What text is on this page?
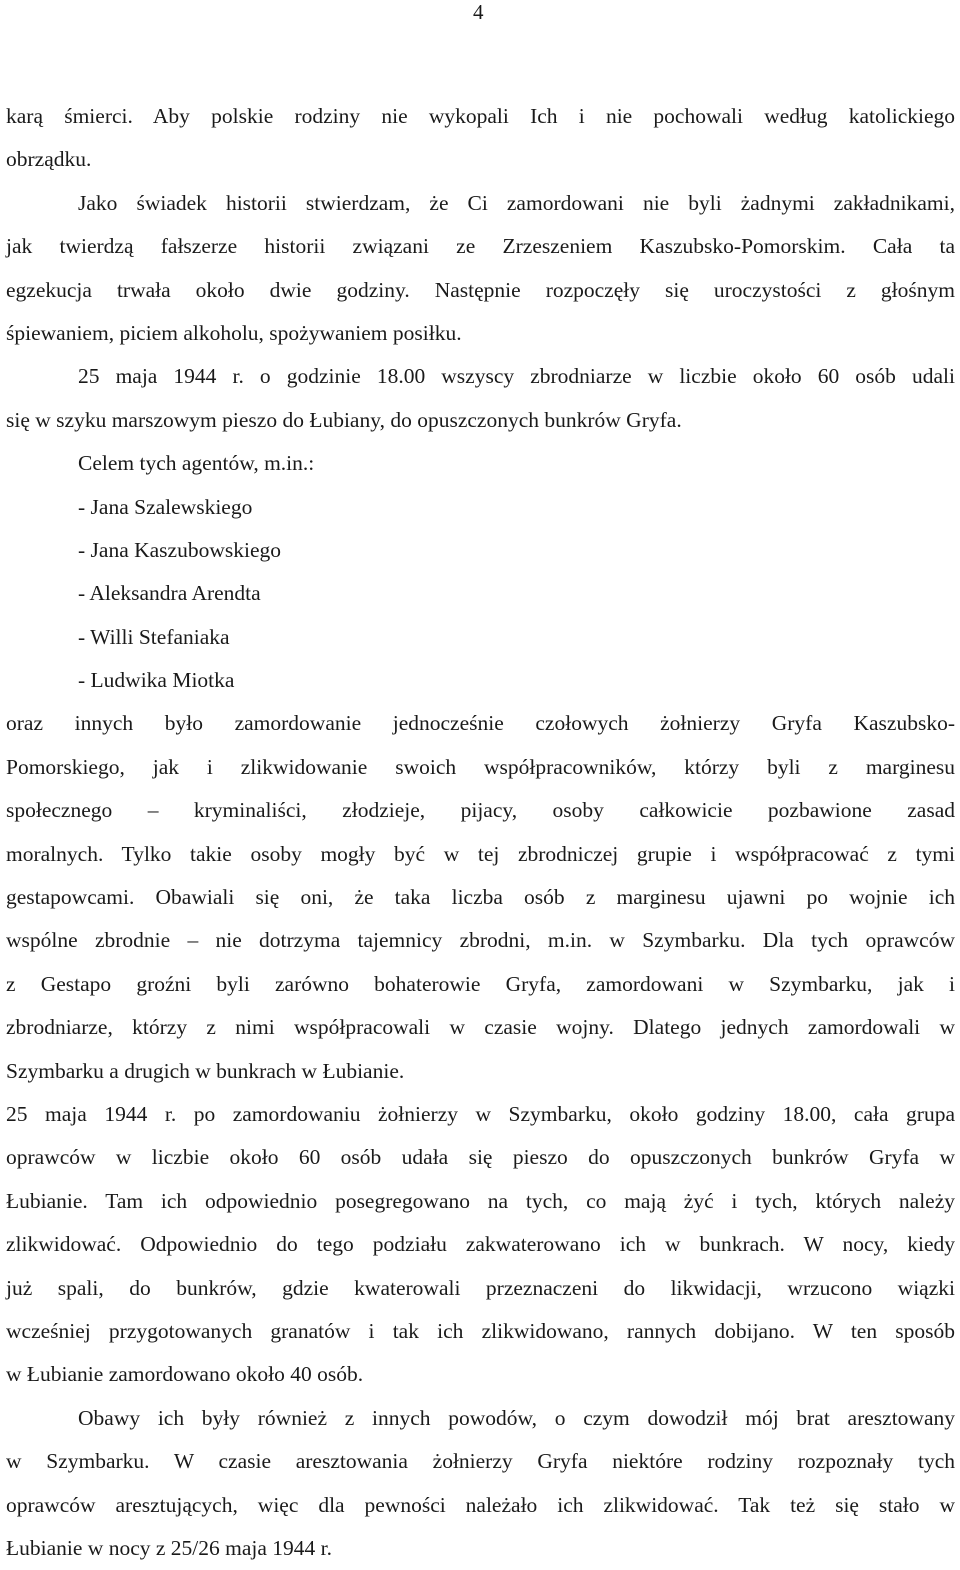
4
karą śmierci. Aby polskie rodziny nie wykopali Ich i nie pochowali według katolickiego
obrządku.
Jako świadek historii stwierdzam, że Ci zamordowani nie byli żadnymi zakładnikami,
jak twierdzą fałszerze historii związani ze Zrzeszeniem Kaszubsko-Pomorskim. Cała ta
egzekucja trwała około dwie godziny. Następnie rozpoczęły się uroczystości z głośnym
śpiewaniem, piciem alkoholu, spożywaniem posiłku.
25 maja 1944 r. o godzinie 18.00 wszyscy zbrodniarze w liczbie około 60 osób udali
się w szyku marszowym pieszo do Łubiany, do opuszczonych bunkrów Gryfa.
Celem tych agentów, m.in.:
- Jana Szalewskiego
- Jana Kaszubowskiego
- Aleksandra Arendta
- Willi Stefaniaka
- Ludwika Miotka
oraz innych było zamordowanie jednocześnie czołowych żołnierzy Gryfa Kaszubsko-
Pomorskiego, jak i zlikwidowanie swoich współpracowników, którzy byli z marginesu
społecznego – kryminaliści, złodzieje, pijacy, osoby całkowicie pozbawione zasad
moralnych. Tylko takie osoby mogły być w tej zbrodniczej grupie i współpracować z tymi
gestapowcami. Obawiali się oni, że taka liczba osób z marginesu ujawni po wojnie ich
wspólne zbrodnie – nie dotrzyma tajemnicy zbrodni, m.in. w Szymbarku. Dla tych oprawców
z Gestapo groźni byli zarówno bohaterowie Gryfa, zamordowani w Szymbarku, jak i
zbrodniarze, którzy z nimi współpracowali w czasie wojny. Dlatego jednych zamordowali w
Szymbarku a drugich w bunkrach w Łubianie.
25 maja 1944 r. po zamordowaniu żołnierzy w Szymbarku, około godziny 18.00, cała grupa
oprawców w liczbie około 60 osób udała się pieszo do opuszczonych bunkrów Gryfa w
Łubianie. Tam ich odpowiednio posegregowano na tych, co mają żyć i tych, których należy
zlikwidować. Odpowiednio do tego podziału zakwaterowano ich w bunkrach. W nocy, kiedy
już spali, do bunkrów, gdzie kwaterowali przeznaczeni do likwidacji, wrzucono wiązki
wcześniej przygotowanych granatów i tak ich zlikwidowano, rannych dobijano. W ten sposób
w Łubianie zamordowano około 40 osób.
Obawy ich były również z innych powodów, o czym dowodził mój brat aresztowany
w Szymbarku. W czasie aresztowania żołnierzy Gryfa niektóre rodziny rozpoznały tych
oprawców aresztujących, więc dla pewności należało ich zlikwidować. Tak też się stało w
Łubianie w nocy z 25/26 maja 1944 r.
